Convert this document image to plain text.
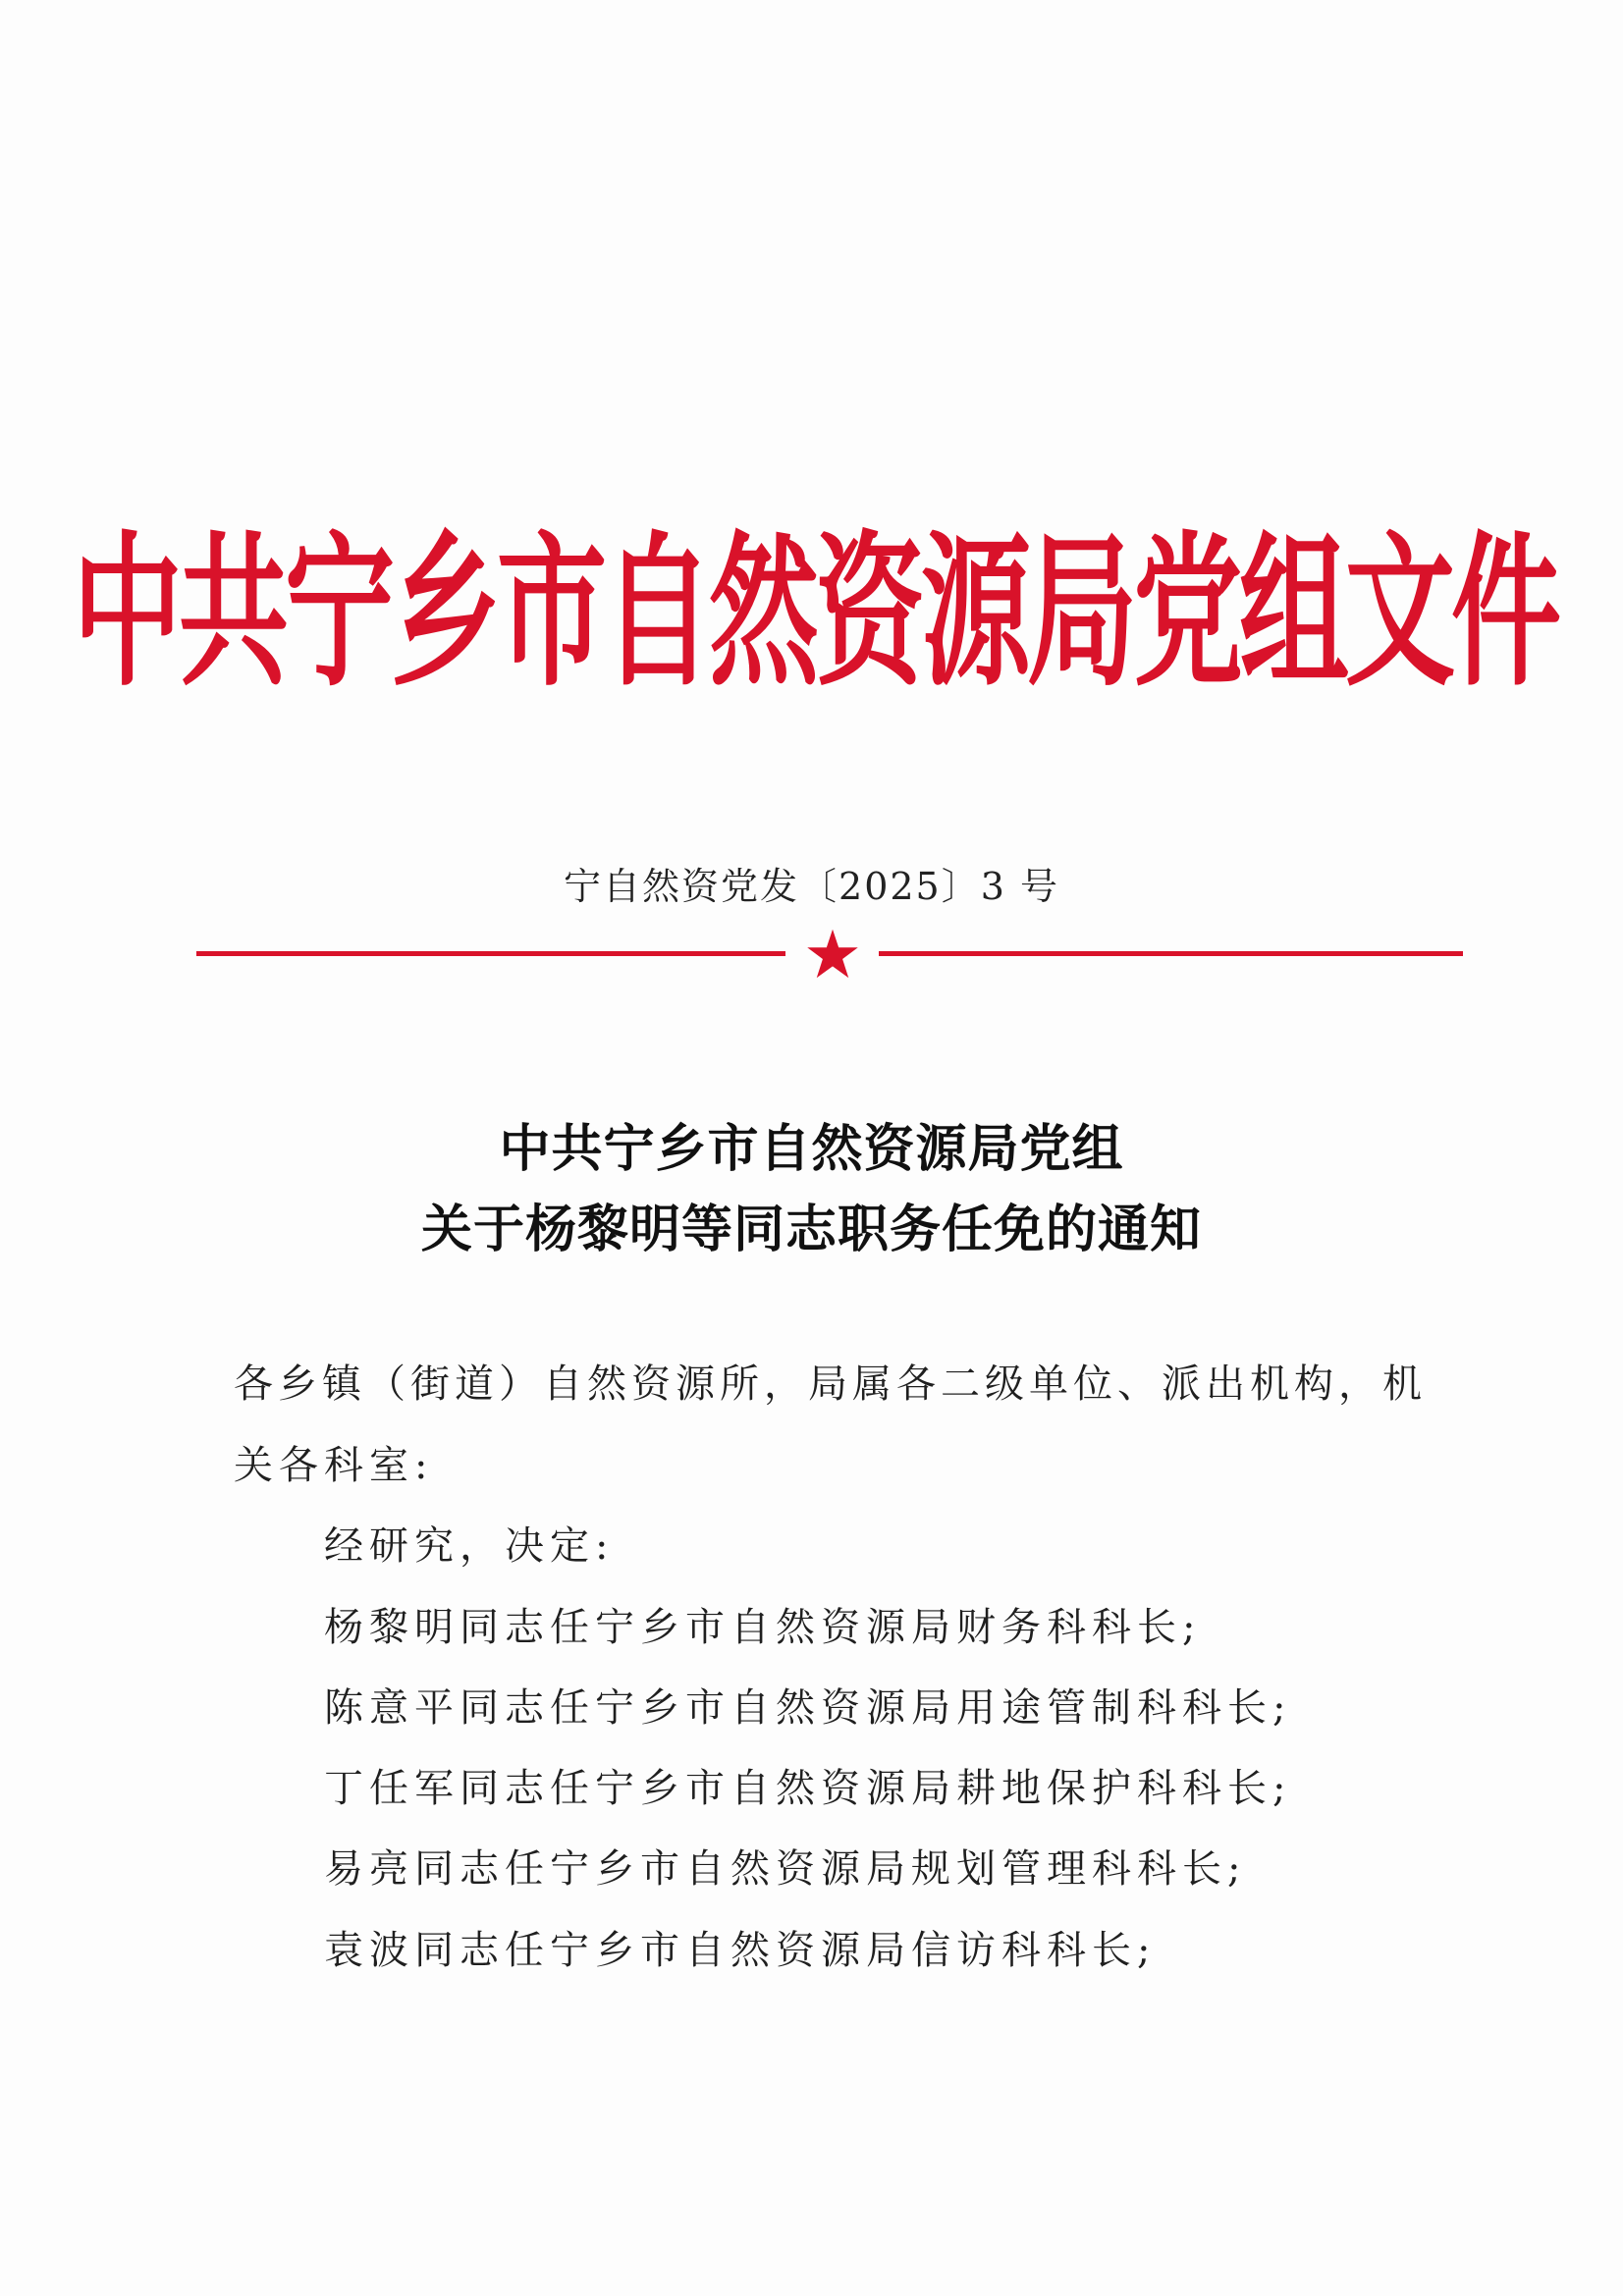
中共宁乡市自然资源局党组文件
宁自然资党发〔2025〕3 号
中共宁乡市自然资源局党组
关于杨黎明等同志职务任免的通知
各乡镇（街道）自然资源所，局属各二级单位、派出机构，机
关各科室:
经研究，决定:
杨黎明同志任宁乡市自然资源局财务科科长;
陈意平同志任宁乡市自然资源局用途管制科科长;
丁任军同志任宁乡市自然资源局耕地保护科科长;
易亮同志任宁乡市自然资源局规划管理科科长;
袁波同志任宁乡市自然资源局信访科科长;
